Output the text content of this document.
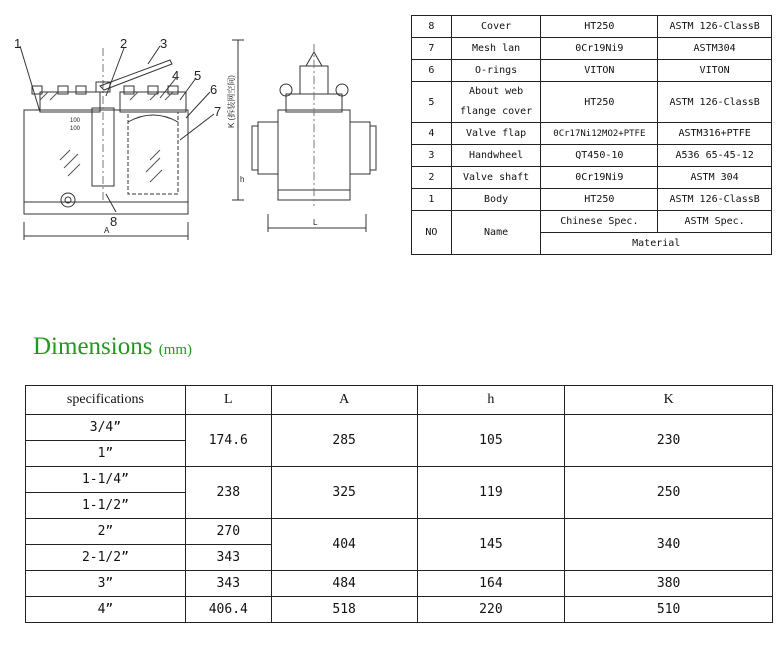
1	2	3
4 5
6
7
8
A
L
h
K (拆装网空间)
100
100
8	Cover	HT250	ASTM 126-ClassB
7	Mesh lan	0Cr19Ni9	ASTM304
6	O-rings	VITON	VITON
5	About web flange cover	HT250	ASTM 126-ClassB
4	Valve flap	0Cr17Ni12MO2+PTFE	ASTM316+PTFE
3	Handwheel	QT450-10	A536 65-45-12
2	Valve shaft	0Cr19Ni9	ASTM 304
1	Body	HT250	ASTM 126-ClassB
NO	Name	Chinese Spec.	ASTM Spec.
		Material	
Dimensions (mm)
specifications	L	A	h	K
3/4”	174.6	285	105	230
1”				
1-1/4”	238	325	119	250
1-1/2”				
2”	270	404	145	340
2-1/2”	343			
3”	343	484	164	380
4”	406.4	518	220	510
